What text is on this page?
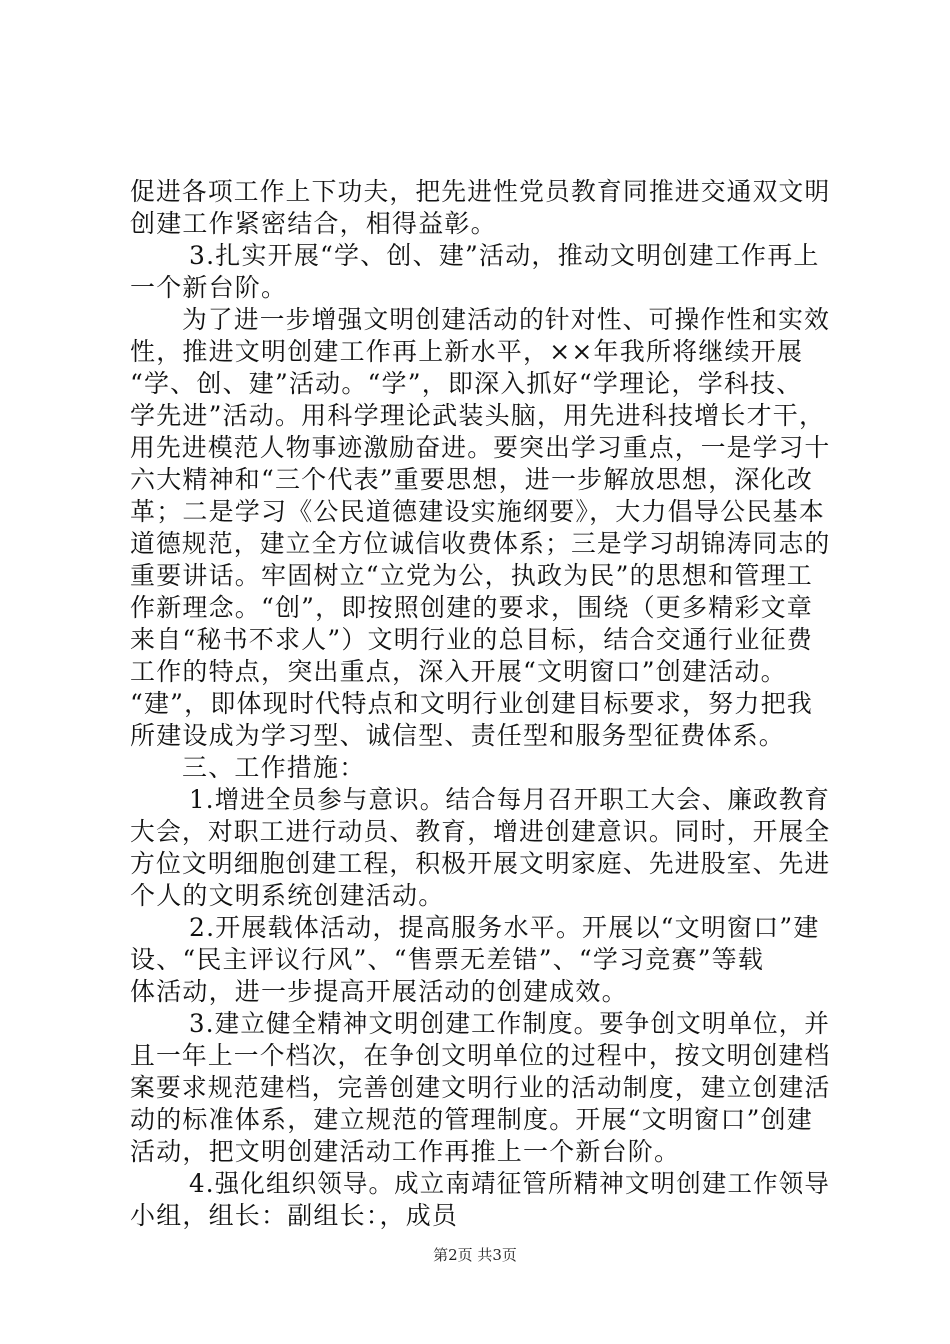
促进各项工作上下功夫，把先进性党员教育同推进交通双文明
创建工作紧密结合，相得益彰。
3.扎实开展“学、创、建”活动，推动文明创建工作再上
一个新台阶。
为了进一步增强文明创建活动的针对性、可操作性和实效
性，推进文明创建工作再上新水平，××年我所将继续开展
“学、创、建”活动。“学”，即深入抓好“学理论，学科技、
学先进”活动。用科学理论武装头脑，用先进科技增长才干，
用先进模范人物事迹激励奋进。要突出学习重点，一是学习十
六大精神和“三个代表”重要思想，进一步解放思想，深化改
革；二是学习《公民道德建设实施纲要》，大力倡导公民基本
道德规范，建立全方位诚信收费体系；三是学习胡锦涛同志的
重要讲话。牢固树立“立党为公，执政为民”的思想和管理工
作新理念。“创”，即按照创建的要求，围绕（更多精彩文章
来自“秘书不求人”）文明行业的总目标，结合交通行业征费
工作的特点，突出重点，深入开展“文明窗口”创建活动。
“建”，即体现时代特点和文明行业创建目标要求，努力把我
所建设成为学习型、诚信型、责任型和服务型征费体系。
三、工作措施：
1.增进全员参与意识。结合每月召开职工大会、廉政教育
大会，对职工进行动员、教育，增进创建意识。同时，开展全
方位文明细胞创建工程，积极开展文明家庭、先进股室、先进
个人的文明系统创建活动。
2.开展载体活动，提高服务水平。开展以“文明窗口”建
设、“民主评议行风”、“售票无差错”、“学习竞赛”等载
体活动，进一步提高开展活动的创建成效。
3.建立健全精神文明创建工作制度。要争创文明单位，并
且一年上一个档次，在争创文明单位的过程中，按文明创建档
案要求规范建档，完善创建文明行业的活动制度，建立创建活
动的标准体系，建立规范的管理制度。开展“文明窗口”创建
活动，把文明创建活动工作再推上一个新台阶。
4.强化组织领导。成立南靖征管所精神文明创建工作领导
小组，组长：副组长：，成员
第2页 共3页
